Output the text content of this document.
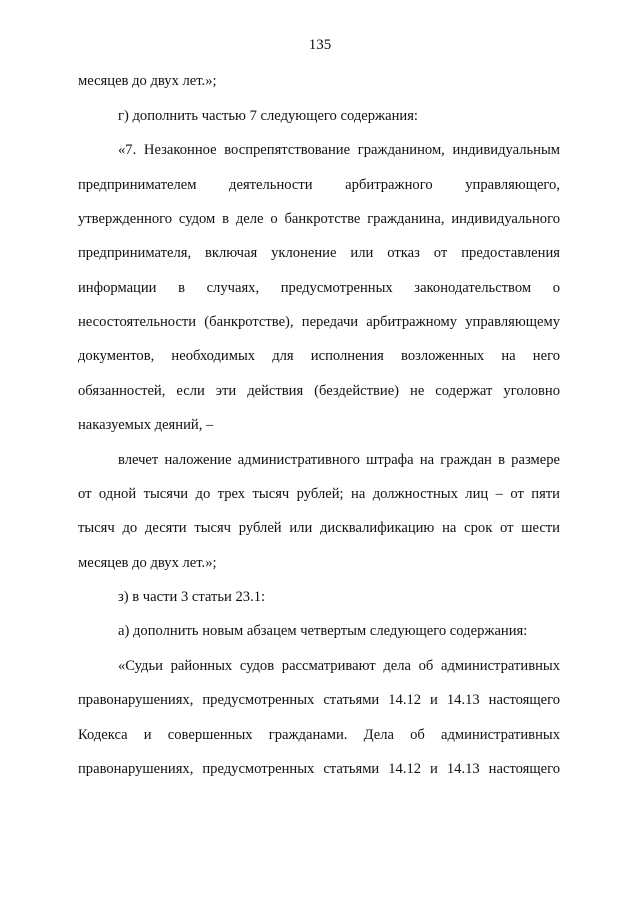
135
месяцев до двух лет.»;
г) дополнить частью 7 следующего содержания:
«7. Незаконное воспрепятствование гражданином, индивидуальным
предпринимателем деятельности арбитражного управляющего,
утвержденного судом в деле о банкротстве гражданина, индивидуального
предпринимателя, включая уклонение или отказ от предоставления
информации в случаях, предусмотренных законодательством о
несостоятельности (банкротстве), передачи арбитражному управляющему
документов, необходимых для исполнения возложенных на него
обязанностей, если эти действия (бездействие) не содержат уголовно
наказуемых деяний, –
влечет наложение административного штрафа на граждан в размере
от одной тысячи до трех тысяч рублей; на должностных лиц – от пяти
тысяч до десяти тысяч рублей или дисквалификацию на срок от шести
месяцев до двух лет.»;
з) в части 3 статьи 23.1:
а) дополнить новым абзацем четвертым следующего содержания:
«Судьи районных судов рассматривают дела об административных
правонарушениях, предусмотренных статьями 14.12 и 14.13 настоящего
Кодекса и совершенных гражданами. Дела об административных
правонарушениях, предусмотренных статьями 14.12 и 14.13 настоящего
